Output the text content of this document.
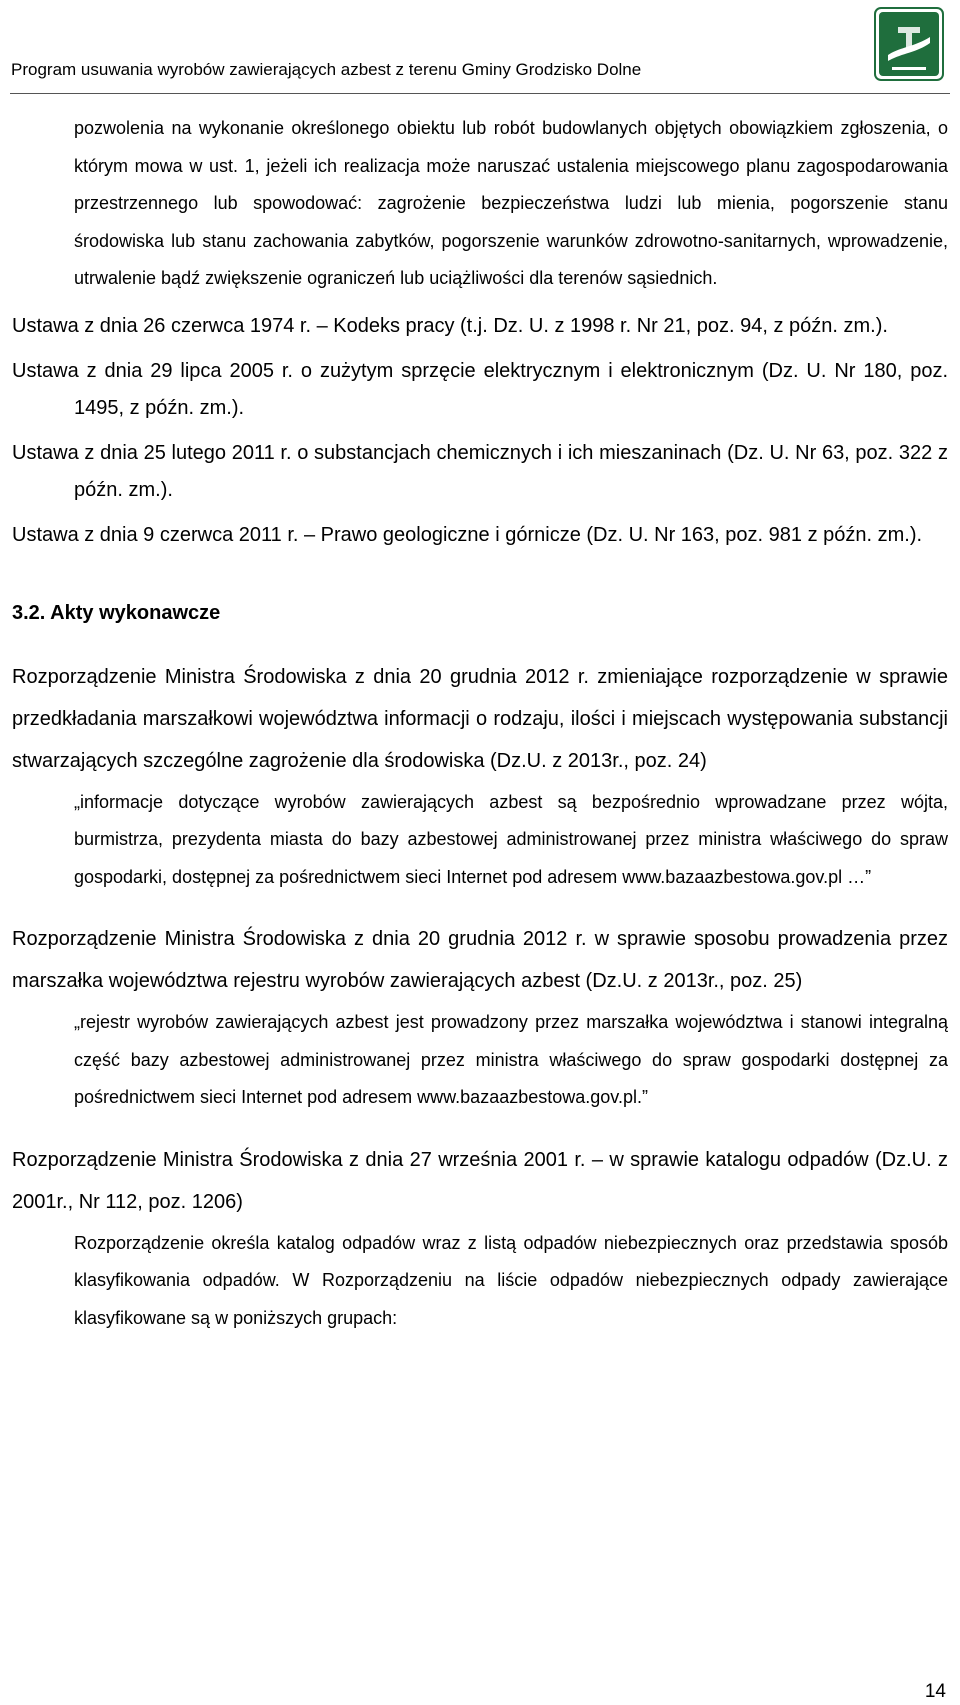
Program usuwania wyrobów zawierających azbest z terenu Gminy Grodzisko Dolne

pozwolenia na wykonanie określonego obiektu lub robót budowlanych objętych obowiązkiem zgłoszenia, o którym mowa w ust. 1, jeżeli ich realizacja może naruszać ustalenia miejscowego planu zagospodarowania przestrzennego lub spowodować: zagrożenie bezpieczeństwa ludzi lub mienia, pogorszenie stanu środowiska lub stanu zachowania zabytków, pogorszenie warunków zdrowotno-sanitarnych, wprowadzenie, utrwalenie bądź zwiększenie ograniczeń lub uciążliwości dla terenów sąsiednich.

Ustawa z dnia 26 czerwca 1974 r. – Kodeks pracy (t.j. Dz. U. z 1998 r. Nr 21, poz. 94, z późn. zm.).

Ustawa z dnia 29 lipca 2005 r. o zużytym sprzęcie elektrycznym i elektronicznym (Dz. U. Nr 180, poz. 1495, z późn. zm.).

Ustawa z dnia 25 lutego 2011 r. o substancjach chemicznych i ich mieszaninach (Dz. U. Nr 63, poz. 322 z późn. zm.).

Ustawa z dnia 9 czerwca 2011 r. – Prawo geologiczne i górnicze (Dz. U. Nr 163, poz. 981 z późn. zm.).

3.2. Akty wykonawcze

Rozporządzenie Ministra Środowiska z dnia 20 grudnia 2012 r. zmieniające rozporządzenie w sprawie przedkładania marszałkowi województwa informacji o rodzaju, ilości i miejscach występowania substancji stwarzających szczególne zagrożenie dla środowiska (Dz.U. z 2013r., poz. 24)

„informacje dotyczące wyrobów zawierających azbest są bezpośrednio wprowadzane przez wójta, burmistrza, prezydenta miasta do bazy azbestowej administrowanej przez ministra właściwego do spraw gospodarki, dostępnej za pośrednictwem sieci Internet pod adresem www.bazaazbestowa.gov.pl …”

Rozporządzenie Ministra Środowiska z dnia 20 grudnia 2012 r. w sprawie sposobu prowadzenia przez marszałka województwa rejestru wyrobów zawierających azbest (Dz.U. z 2013r., poz. 25)

„rejestr wyrobów zawierających azbest jest prowadzony przez marszałka województwa i stanowi integralną część bazy azbestowej administrowanej przez ministra właściwego do spraw gospodarki dostępnej za pośrednictwem sieci Internet pod adresem www.bazaazbestowa.gov.pl.”

Rozporządzenie Ministra Środowiska z dnia 27 września 2001 r. – w sprawie katalogu odpadów (Dz.U. z 2001r., Nr 112, poz. 1206)

Rozporządzenie określa katalog odpadów wraz z listą odpadów niebezpiecznych oraz przedstawia sposób klasyfikowania odpadów. W Rozporządzeniu na liście odpadów niebezpiecznych odpady zawierające klasyfikowane są w poniższych grupach:

14
